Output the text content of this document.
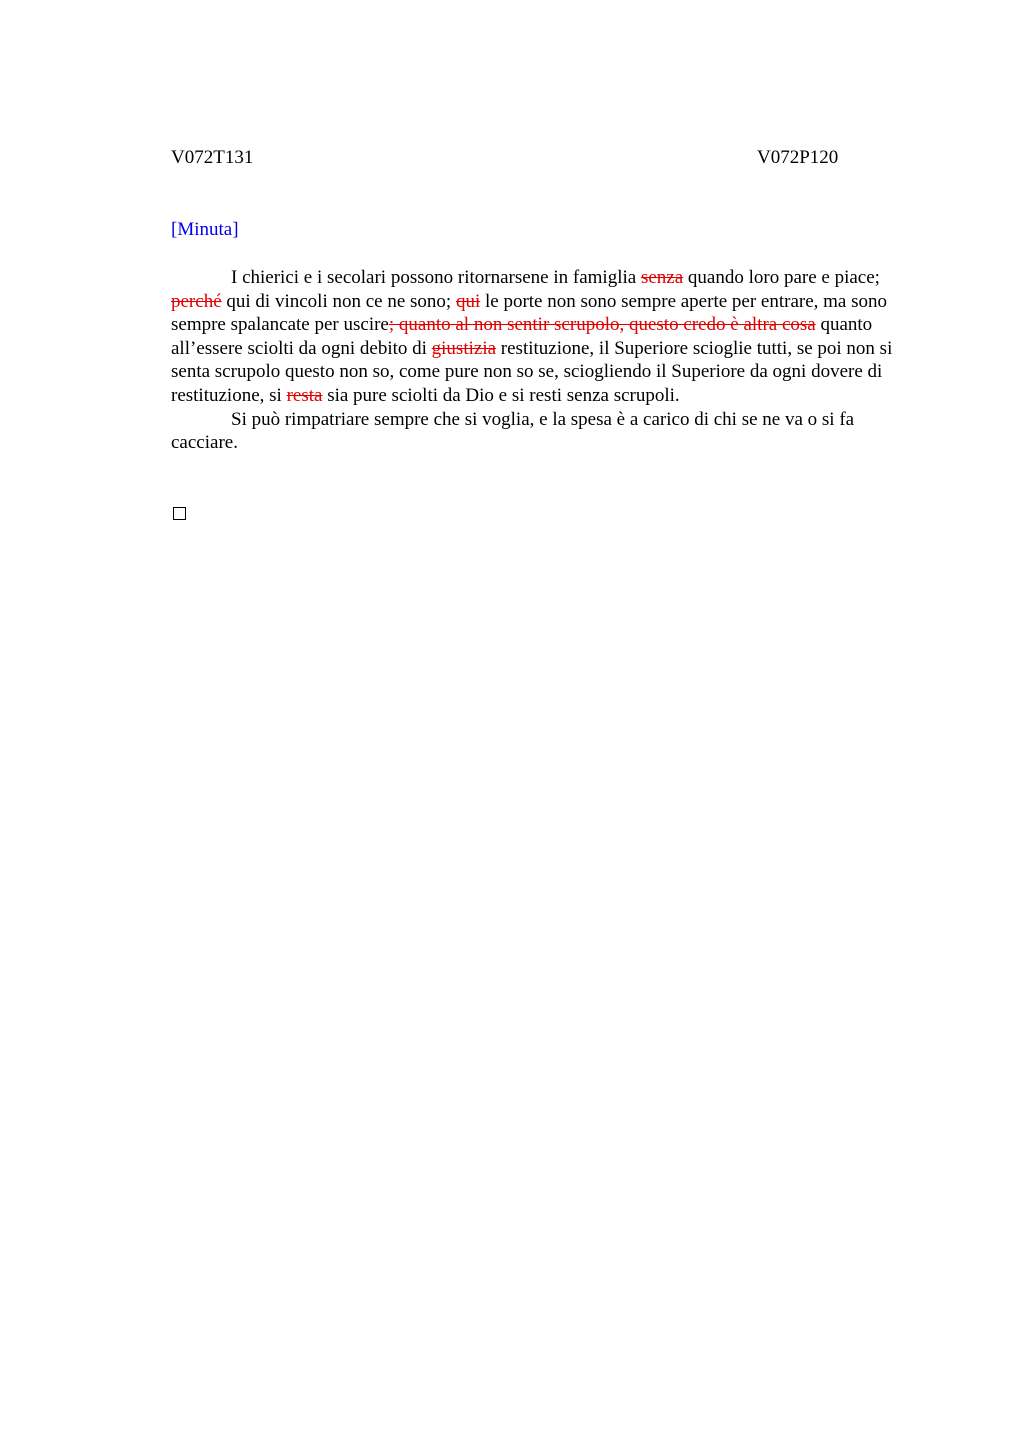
V072T131	V072P120
[Minuta]

I chierici e i secolari possono ritornarsene in famiglia senza quando loro pare e piace; perché qui di vincoli non ce ne sono; qui le porte non sono sempre aperte per entrare, ma sono sempre spalancate per uscire; quanto al non sentir scrupolo, questo credo è altra cosa quanto all’essere sciolti da ogni debito di giustizia restituzione, il Superiore scioglie tutti, se poi non si senta scrupolo questo non so, come pure non so se, sciogliendo il Superiore da ogni dovere di restituzione, si resta sia pure sciolti da Dio e si resti senza scrupoli.

Si può rimpatriare sempre che si voglia, e la spesa è a carico di chi se ne va o si fa cacciare.
